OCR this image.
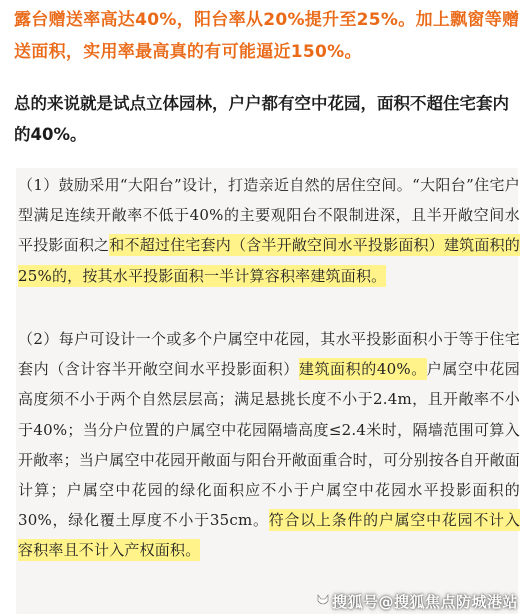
露台赠送率高达40%，阳台率从20%提升至25%。加上飘窗等赠送面积，实用率最高真的有可能逼近150%。
总的来说就是试点立体园林，户户都有空中花园，面积不超住宅套内的40%。
（1）鼓励采用“大阳台”设计，打造亲近自然的居住空间。“大阳台”住宅户型满足连续开敞率不低于40%的主要观阳台不限制进深，且半开敞空间水平投影面积之和不超过住宅套内（含半开敞空间水平投影面积）建筑面积的25%的，按其水平投影面积一半计算容积率建筑面积。
（2）每户可设计一个或多个户属空中花园，其水平投影面积小于等于住宅套内（含计容半开敞空间水平投影面积）建筑面积的40%。户属空中花园高度须不小于两个自然层层高；满足悬挑长度不小于2.4m，且开敞率不小于40%；当分户位置的户属空中花园隔墙高度≤2.4米时，隔墙范围可算入开敞率；当户属空中花园开敞面与阳台开敞面重合时，可分别按各自开敞面计算；户属空中花园的绿化面积应不小于户属空中花园水平投影面积的30%，绿化覆土厚度不小于35cm。符合以上条件的户属空中花园不计入容积率且不计入产权面积。
搜狐号@搜狐焦点防城港站
